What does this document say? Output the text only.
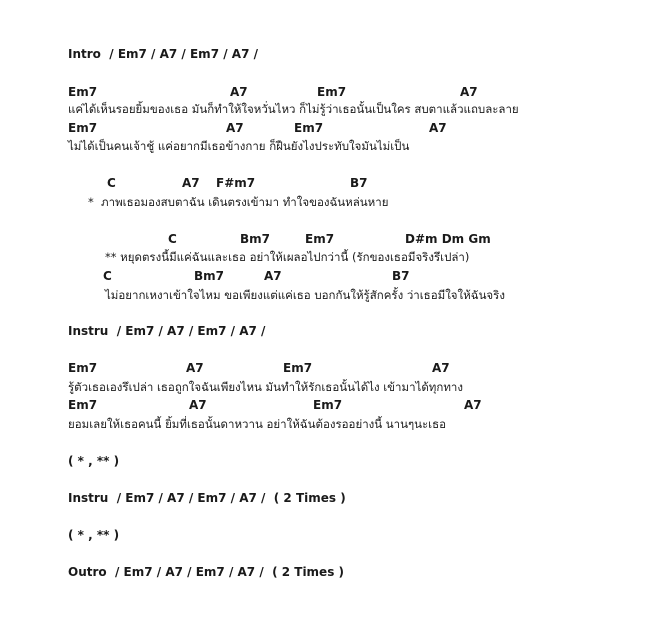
Intro  / Em7 / A7 / Em7 / A7 /
Em7	A7	Em7	A7
แค่ได้เห็นรอยยิ้มของเธอ มันก็ทำให้ใจหวั่นไหว ก็ไม่รู้ว่าเธอนั้นเป็นใคร สบตาแล้วแถบละลาย
Em7	A7	Em7	A7
ไม่ได้เป็นคนเจ้าชู้ แค่อยากมีเธอข้างกาย ก็ฝืนยังไงประทับใจมันไม่เป็น
C	A7 F#m7	B7
*  ภาพเธอมองสบตาฉัน เดินตรงเข้ามา ทำใจของฉันหล่นหาย
C	Bm7	Em7	D#m Dm Gm
** หยุดตรงนี้มีแค่ฉันและเธอ อย่าให้เผลอไปกว่านี้ (รักของเธอมีจริงรึเปล่า)
C	Bm7	A7	B7
ไม่อยากเหงาเข้าใจไหม ขอเพียงแต่แค่เธอ บอกกันให้รู้สักครั้ง ว่าเธอมีใจให้ฉันจริง
Instru  / Em7 / A7 / Em7 / A7 /
Em7	A7	Em7	A7
รู้ตัวเธอเองรึเปล่า เธอถูกใจฉันเพียงไหน มันทำให้รักเธอนั้นได้ไง เข้ามาได้ทุกทาง
Em7	A7	Em7	A7
ยอมเลยให้เธอคนนี้ ยิ้มที่เธอนั้นดาหวาน อย่าให้ฉันต้องรออย่างนี้ นานๆนะเธอ
( * , ** )
Instru  / Em7 / A7 / Em7 / A7 /  ( 2 Times )
( * , ** )
Outro  / Em7 / A7 / Em7 / A7 /  ( 2 Times )
